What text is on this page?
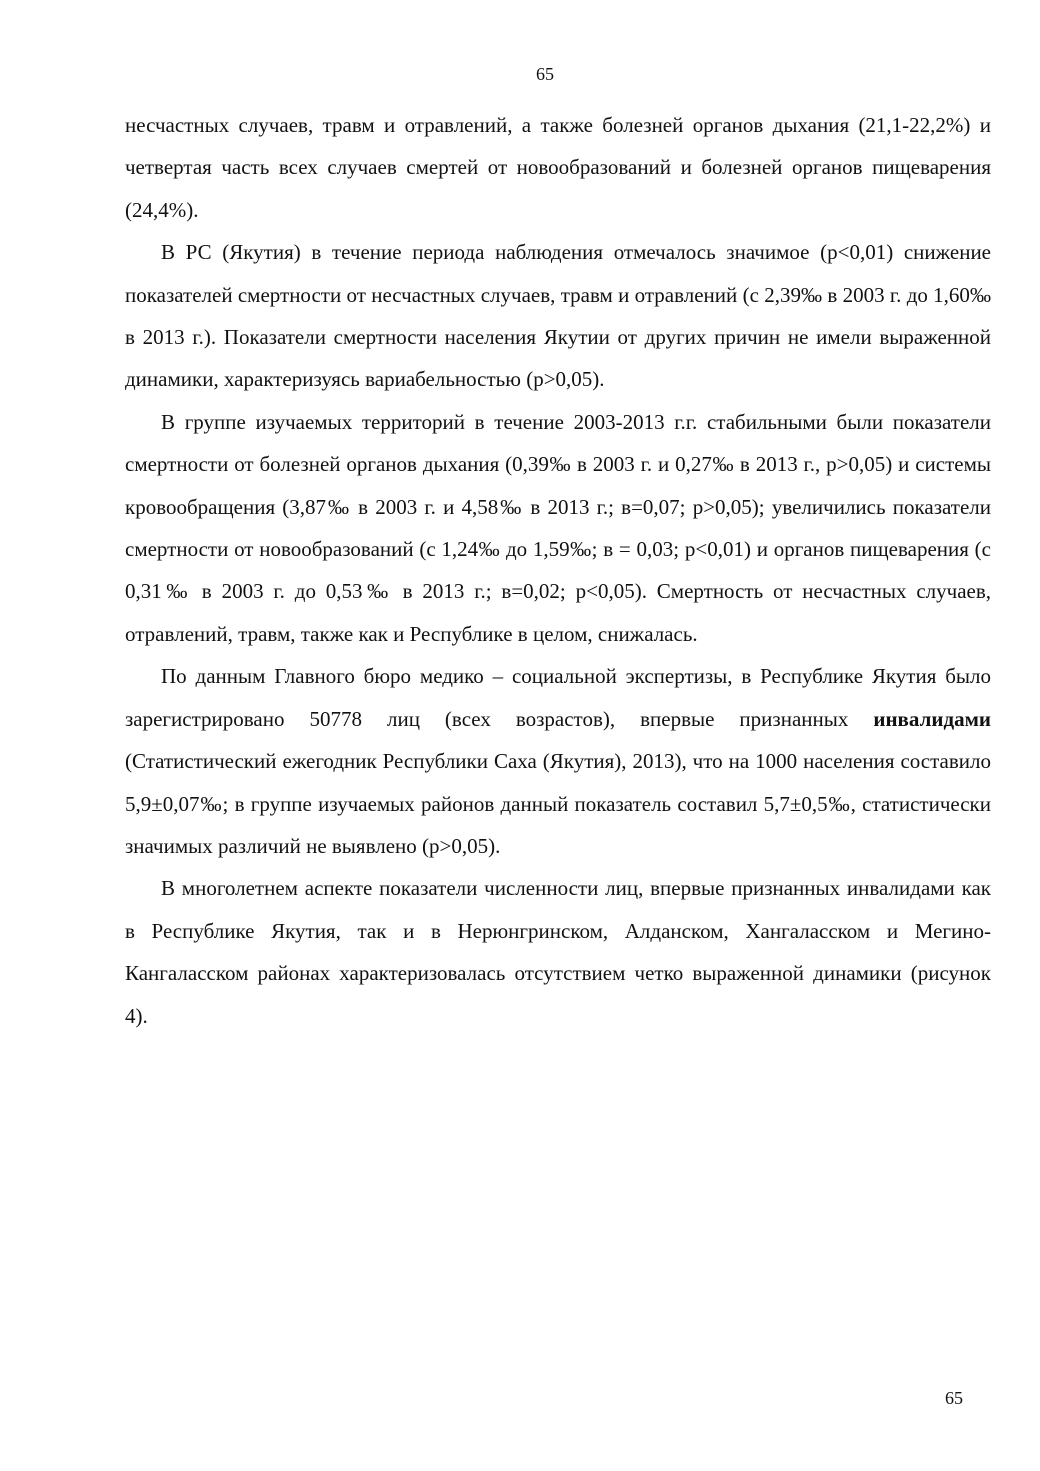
65

несчастных случаев, травм и отравлений, а также болезней органов дыхания (21,1-22,2%) и четвертая часть всех случаев смертей от новообразований и болезней органов пищеварения (24,4%).

В РС (Якутия) в течение периода наблюдения отмечалось значимое (р<0,01) снижение показателей смертности от несчастных случаев, травм и отравлений (с 2,39‰ в 2003 г. до 1,60‰ в 2013 г.). Показатели смертности населения Якутии от других причин не имели выраженной динамики, характеризуясь вариабельностью (р>0,05).

В группе изучаемых территорий в течение 2003-2013 г.г. стабильными были показатели смертности от болезней органов дыхания (0,39‰ в 2003 г. и 0,27‰ в 2013 г., р>0,05) и системы кровообращения (3,87‰ в 2003 г. и 4,58‰ в 2013 г.; в=0,07; р>0,05); увеличились показатели смертности от новообразований (с 1,24‰ до 1,59‰; в = 0,03; р<0,01) и органов пищеварения (с 0,31‰ в 2003 г. до 0,53‰ в 2013 г.; в=0,02; р<0,05). Смертность от несчастных случаев, отравлений, травм, также как и Республике в целом, снижалась.

По данным Главного бюро медико – социальной экспертизы, в Республике Якутия было зарегистрировано 50778 лиц (всех возрастов), впервые признанных инвалидами (Статистический ежегодник Республики Саха (Якутия), 2013), что на 1000 населения составило 5,9±0,07‰; в группе изучаемых районов данный показатель составил 5,7±0,5‰, статистически значимых различий не выявлено (р>0,05).

В многолетнем аспекте показатели численности лиц, впервые признанных инвалидами как в Республике Якутия, так и в Нерюнгринском, Алданском, Хангаласском и Мегино-Кангаласском районах характеризовалась отсутствием четко выраженной динамики (рисунок 4).

65
